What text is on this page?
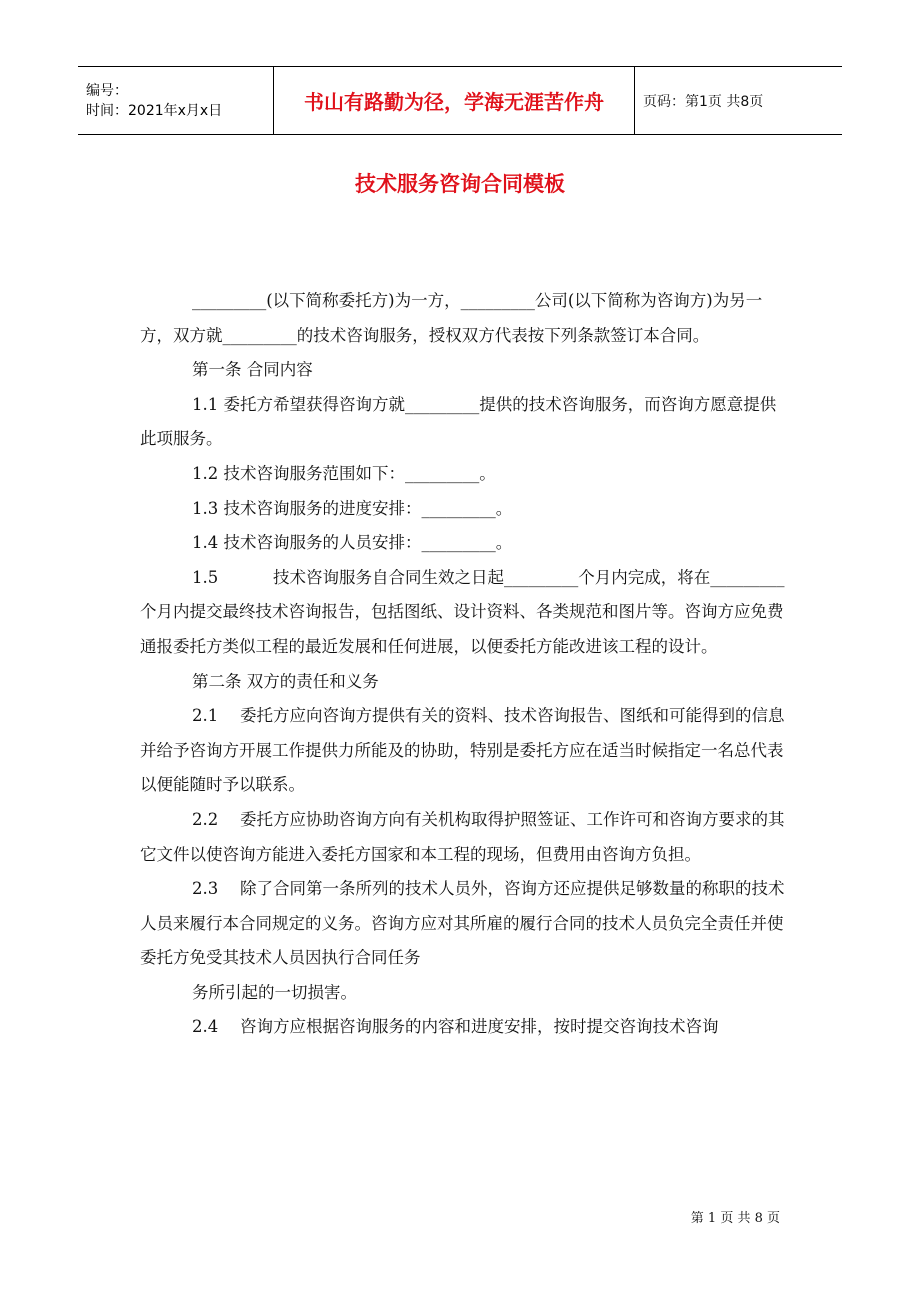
编号：
时间：2021年x月x日	书山有路勤为径，学海无涯苦作舟	页码：第1页 共8页
技术服务咨询合同模板

_________(以下简称委托方)为一方，_________公司(以下简称为咨询方)为另一方，双方就_________的技术咨询服务，授权双方代表按下列条款签订本合同。

第一条 合同内容

1.1 委托方希望获得咨询方就_________提供的技术咨询服务，而咨询方愿意提供此项服务。

1.2 技术咨询服务范围如下：_________。

1.3 技术咨询服务的进度安排：_________。

1.4 技术咨询服务的人员安排：_________。

1.5 　　　技术咨询服务自合同生效之日起_________个月内完成，将在_________个月内提交最终技术咨询报告，包括图纸、设计资料、各类规范和图片等。咨询方应免费通报委托方类似工程的最近发展和任何进展，以便委托方能改进该工程的设计。

第二条 双方的责任和义务

2.1 　委托方应向咨询方提供有关的资料、技术咨询报告、图纸和可能得到的信息并给予咨询方开展工作提供力所能及的协助，特别是委托方应在适当时候指定一名总代表以便能随时予以联系。

2.2 　委托方应协助咨询方向有关机构取得护照签证、工作许可和咨询方要求的其它文件以使咨询方能进入委托方国家和本工程的现场，但费用由咨询方负担。

2.3 　除了合同第一条所列的技术人员外，咨询方还应提供足够数量的称职的技术人员来履行本合同规定的义务。咨询方应对其所雇的履行合同的技术人员负完全责任并使委托方免受其技术人员因执行合同任务

务所引起的一切损害。

2.4 　咨询方应根据咨询服务的内容和进度安排，按时提交咨询技术咨询

第 1 页 共 8 页
